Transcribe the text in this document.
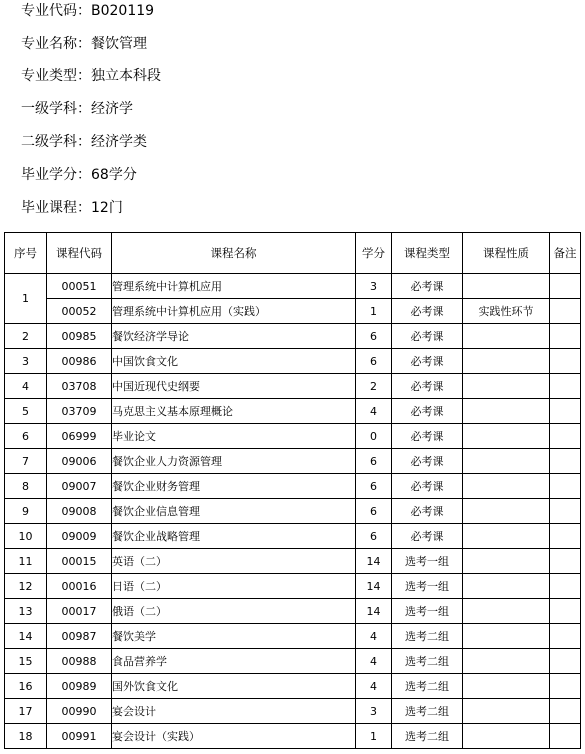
专业代码：B020119
专业名称：餐饮管理
专业类型：独立本科段
一级学科：经济学
二级学科：经济学类
毕业学分：68学分
毕业课程：12门
序号	课程代码	课程名称	学分	课程类型	课程性质	备注
1	00051	管理系统中计算机应用	3	必考课		
	00052	管理系统中计算机应用（实践）	1	必考课	实践性环节	
2	00985	餐饮经济学导论	6	必考课		
3	00986	中国饮食文化	6	必考课		
4	03708	中国近现代史纲要	2	必考课		
5	03709	马克思主义基本原理概论	4	必考课		
6	06999	毕业论文	0	必考课		
7	09006	餐饮企业人力资源管理	6	必考课		
8	09007	餐饮企业财务管理	6	必考课		
9	09008	餐饮企业信息管理	6	必考课		
10	09009	餐饮企业战略管理	6	必考课		
11	00015	英语（二）	14	选考一组		
12	00016	日语（二）	14	选考一组		
13	00017	俄语（二）	14	选考一组		
14	00987	餐饮美学	4	选考二组		
15	00988	食品营养学	4	选考二组		
16	00989	国外饮食文化	4	选考二组		
17	00990	宴会设计	3	选考二组		
18	00991	宴会设计（实践）	1	选考二组		
